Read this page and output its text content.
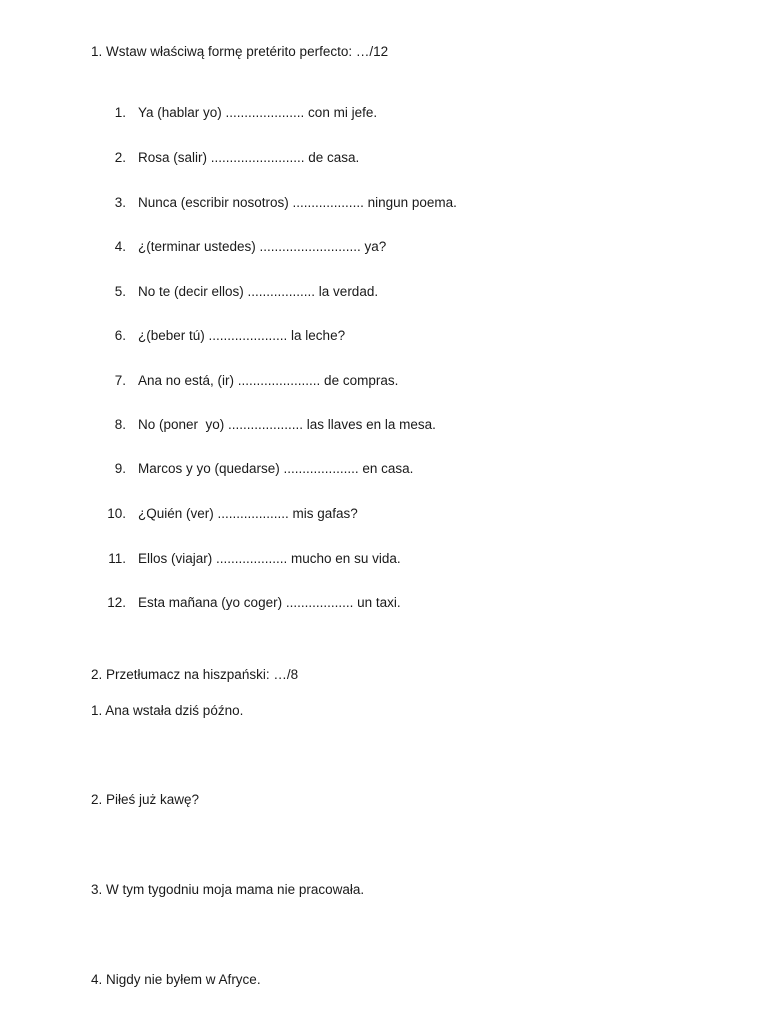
1. Wstaw właściwą formę pretérito perfecto: …/12
1. Ya (hablar yo) ..................... con mi jefe.
2. Rosa (salir) ......................... de casa.
3. Nunca (escribir nosotros) ................... ningun poema.
4. ¿(terminar ustedes) ........................... ya?
5. No te (decir ellos) .................. la verdad.
6. ¿(beber tú) ..................... la leche?
7. Ana no está, (ir) ...................... de compras.
8. No (poner  yo) .................... las llaves en la mesa.
9. Marcos y yo (quedarse) .................... en casa.
10. ¿Quién (ver) ................... mis gafas?
11. Ellos (viajar) ................... mucho en su vida.
12. Esta mañana (yo coger) .................. un taxi.
2. Przetłumacz na hiszpański: …/8
1. Ana wstała dziś późno.
2. Piłeś już kawę?
3. W tym tygodniu moja mama nie pracowała.
4. Nigdy nie byłem w Afryce.
